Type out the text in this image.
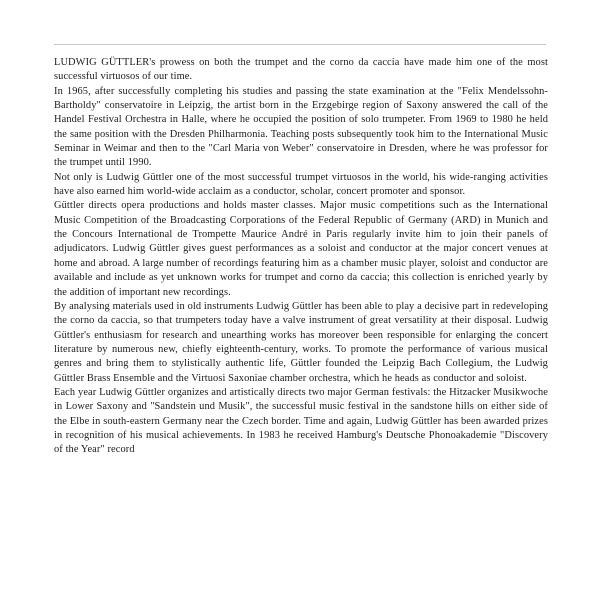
LUDWIG GÜTTLER's prowess on both the trumpet and the corno da caccia have made him one of the most successful virtuosos of our time.

In 1965, after successfully completing his studies and passing the state examination at the "Felix Mendelssohn-Bartholdy" conservatoire in Leipzig, the artist born in the Erzgebirge region of Saxony answered the call of the Handel Festival Orchestra in Halle, where he occupied the position of solo trumpeter. From 1969 to 1980 he held the same position with the Dresden Philharmonia. Teaching posts subsequently took him to the International Music Seminar in Weimar and then to the "Carl Maria von Weber" conservatoire in Dresden, where he was professor for the trumpet until 1990.

Not only is Ludwig Güttler one of the most successful trumpet virtuosos in the world, his wide-ranging activities have also earned him world-wide acclaim as a conductor, scholar, concert promoter and sponsor.

Güttler directs opera productions and holds master classes. Major music competitions such as the International Music Competition of the Broadcasting Corporations of the Federal Republic of Germany (ARD) in Munich and the Concours International de Trompette Maurice André in Paris regularly invite him to join their panels of adjudicators. Ludwig Güttler gives guest performances as a soloist and conductor at the major concert venues at home and abroad. A large number of recordings featuring him as a chamber music player, soloist and conductor are available and include as yet unknown works for trumpet and corno da caccia; this collection is enriched yearly by the addition of important new recordings.

By analysing materials used in old instruments Ludwig Güttler has been able to play a decisive part in redeveloping the corno da caccia, so that trumpeters today have a valve instrument of great versatility at their disposal. Ludwig Güttler's enthusiasm for research and unearthing works has moreover been responsible for enlarging the concert literature by numerous new, chiefly eighteenth-century, works. To promote the performance of various musical genres and bring them to stylistically authentic life, Güttler founded the Leipzig Bach Collegium, the Ludwig Güttler Brass Ensemble and the Virtuosi Saxoniae chamber orchestra, which he heads as conductor and soloist.

Each year Ludwig Güttler organizes and artistically directs two major German festivals: the Hitzacker Musikwoche in Lower Saxony and "Sandstein und Musik", the successful music festival in the sandstone hills on either side of the Elbe in south-eastern Germany near the Czech border. Time and again, Ludwig Güttler has been awarded prizes in recognition of his musical achievements. In 1983 he received Hamburg's Deutsche Phonoakademie "Discovery of the Year" record
